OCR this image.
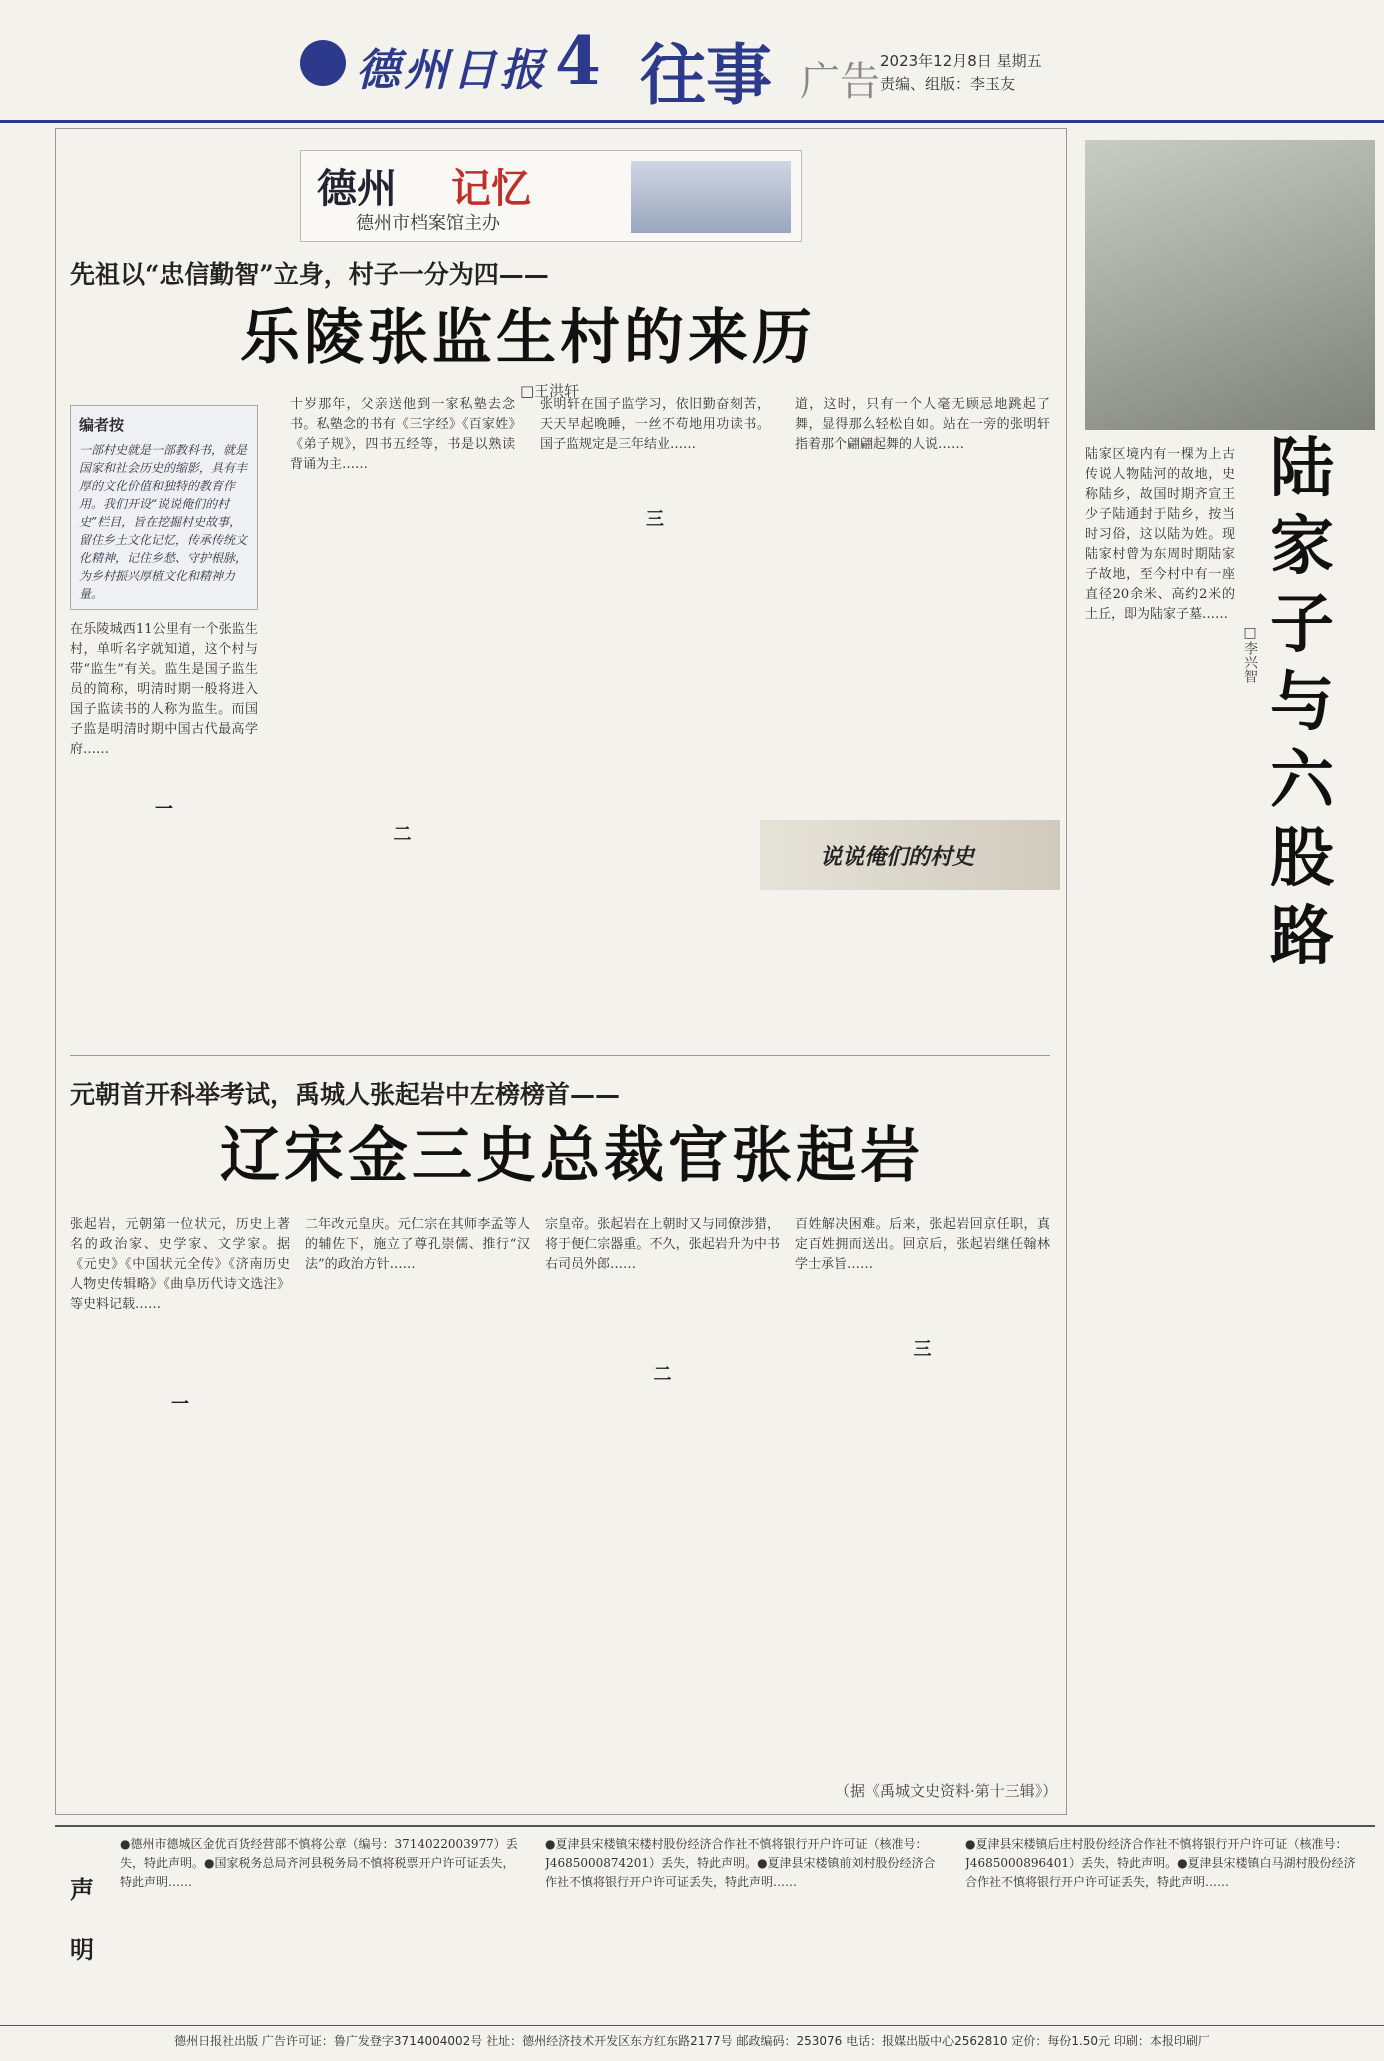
德州日报 4 往事 广告 2023年12月8日 星期五
责编、组版：李玉友
德州 记忆
德州市档案馆主办
先祖以“忠信勤智”立身，村子一分为四——
乐陵张监生村的来历
□王洪轩
编者按
一部村史就是一部教科书，就是国家和社会历史的缩影，具有丰厚的文化价值和独特的教育作用。我们开设“说说俺们的村史”栏目，旨在挖掘村史故事，留住乡土文化记忆，传承传统文化精神，记住乡愁、守护根脉，为乡村振兴厚植文化和精神力量。
在乐陵城西11公里有一个张监生村，单听名字就知道，这个村与带“监生”有关。监生是国子监生员的简称，明清时期一般将进入国子监读书的人称为监生。而国子监是明清时期中国古代最高学府……
一
十岁那年，父亲送他到一家私塾去念书。私塾念的书有《三字经》《百家姓》《弟子规》，四书五经等，书是以熟读背诵为主……
二
张明轩在国子监学习，依旧勤奋刻苦，天天早起晚睡，一丝不苟地用功读书。国子监规定是三年结业……
三
道，这时，只有一个人毫无顾忌地跳起了舞，显得那么轻松自如。站在一旁的张明轩指着那个翩翩起舞的人说……
说说俺们的村史
元朝首开科举考试，禹城人张起岩中左榜榜首——
辽宋金三史总裁官张起岩
张起岩，元朝第一位状元，历史上著名的政治家、史学家、文学家。据《元史》《中国状元全传》《济南历史人物史传辑略》《曲阜历代诗文选注》等史料记载……
一
二年改元皇庆。元仁宗在其师李孟等人的辅佐下，施立了尊孔崇儒、推行“汉法”的政治方针……
宗皇帝。张起岩在上朝时又与同僚涉猎，将于便仁宗器重。不久，张起岩升为中书右司员外郎……
二
百姓解决困难。后来，张起岩回京任职，真定百姓拥而送出。回京后，张起岩继任翰林学士承旨……
三
（据《禹城文史资料·第十三辑》）
陆家子与六股路
□李兴智
陆家区境内有一棵为上古传说人物陆河的故地，史称陆乡，故国时期齐宣王少子陆通封于陆乡，按当时习俗，这以陆为姓。现陆家村曾为东周时期陆家子故地，至今村中有一座直径20余米、高约2米的土丘，即为陆家子墓……
声明
●德州市德城区金优百货经营部不慎将公章（编号：3714022003977）丢失，特此声明。●国家税务总局齐河县税务局不慎将税票开户许可证丢失，特此声明……
●夏津县宋楼镇宋楼村股份经济合作社不慎将银行开户许可证（核准号：J4685000874201）丢失，特此声明。●夏津县宋楼镇前刘村股份经济合作社不慎将银行开户许可证丢失，特此声明……
●夏津县宋楼镇后庄村股份经济合作社不慎将银行开户许可证（核准号：J4685000896401）丢失，特此声明。●夏津县宋楼镇白马湖村股份经济合作社不慎将银行开户许可证丢失，特此声明……
德州日报社出版 广告许可证：鲁广发登字3714004002号 社址：德州经济技术开发区东方红东路2177号 邮政编码：253076 电话：报媒出版中心2562810 定价：每份1.50元 印刷：本报印刷厂
